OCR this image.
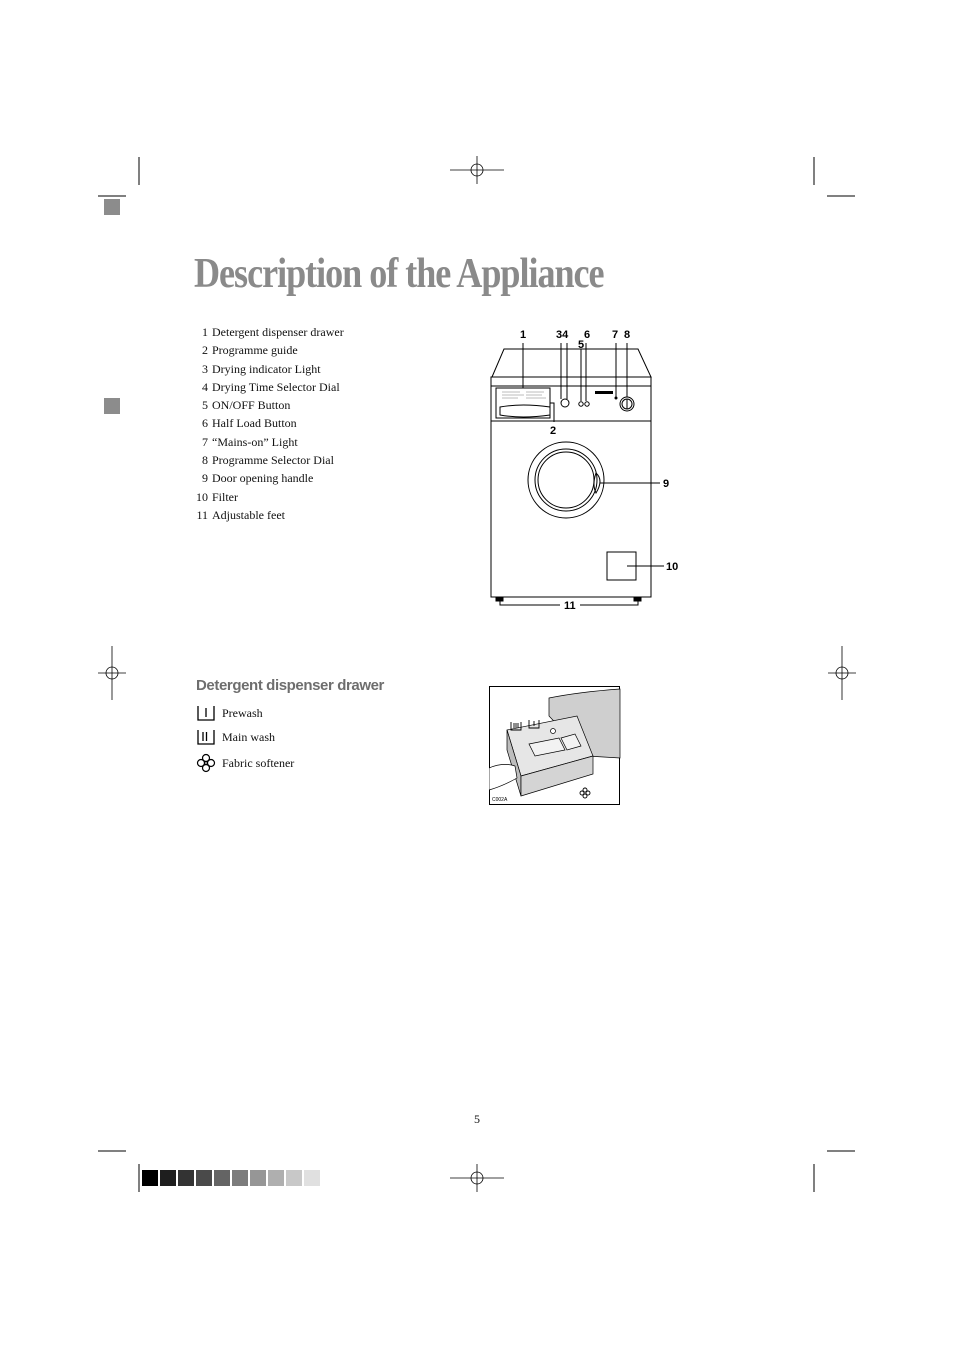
Description of the Appliance
1 Detergent dispenser drawer
2 Programme guide
3 Drying indicator Light
4 Drying Time Selector Dial
5 ON/OFF Button
6 Half Load Button
7 “Mains-on” Light
8 Programme Selector Dial
9 Door opening handle
10 Filter
11 Adjustable feet
1	34
5
6 7 8
2
9
10
11
Detergent dispenser drawer
Prewash
Main wash
Fabric softener
C002A
5
